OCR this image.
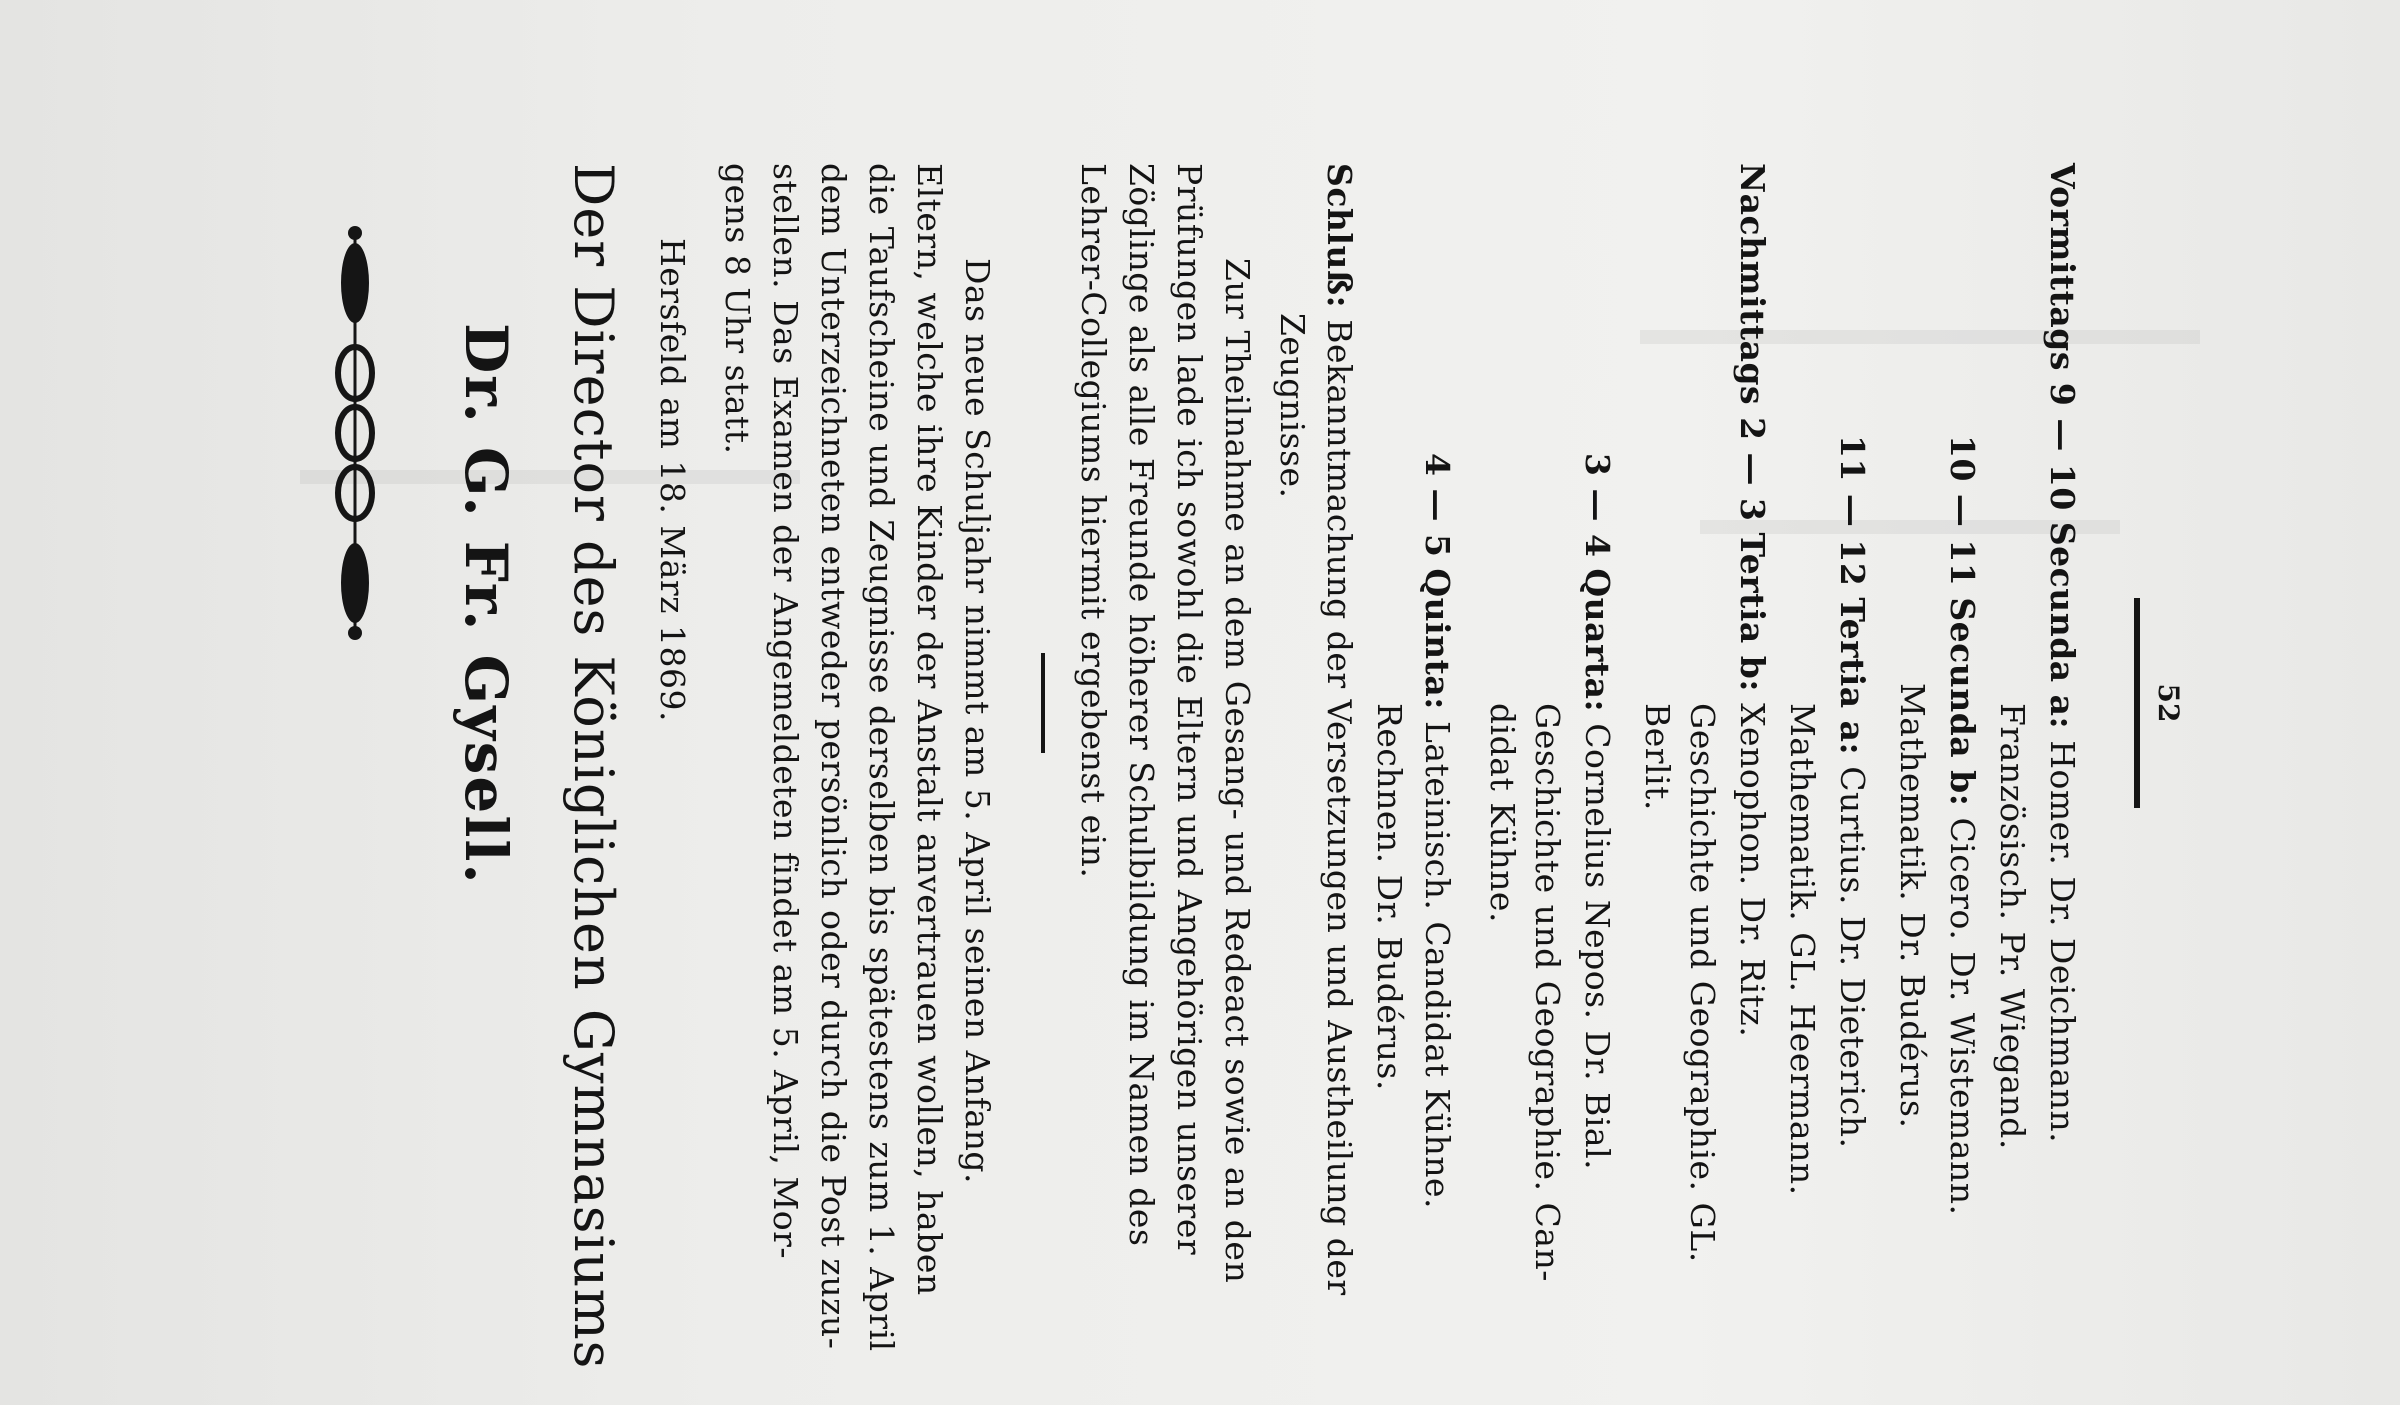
52
Vormittags 9 — 10 Secunda a: Homer. Dr. Deichmann.
Französisch. Pr. Wiegand.
10 — 11 Secunda b: Cicero. Dr. Wistemann.
Mathematik. Dr. Budérus.
11 — 12 Tertia a: Curtius. Dr. Dieterich.
Mathematik. GL. Heermann.
Nachmittags 2 — 3 Tertia b: Xenophon. Dr. Ritz.
Geschichte und Geographie. GL.
Berlit.
3 — 4 Quarta: Cornelius Nepos. Dr. Bial.
Geschichte und Geographie. Can-
didat Kühne.
4 — 5 Quinta: Lateinisch. Candidat Kühne.
Rechnen. Dr. Budérus.
Schluß: Bekanntmachung der Versetzungen und Austheilung der
Zeugnisse.
Zur Theilnahme an dem Gesang- und Redeact sowie an den
Prüfungen lade ich sowohl die Eltern und Angehörigen unserer
Zöglinge als alle Freunde höherer Schulbildung im Namen des
Lehrer-Collegiums hiermit ergebenst ein.
Das neue Schuljahr nimmt am 5. April seinen Anfang.
Eltern, welche ihre Kinder der Anstalt anvertrauen wollen, haben
die Taufscheine und Zeugnisse derselben bis spätestens zum 1. April
dem Unterzeichneten entweder persönlich oder durch die Post zuzu-
stellen. Das Examen der Angemeldeten findet am 5. April, Mor-
gens 8 Uhr statt.
Hersfeld am 18. März 1869.
Der Director des Königlichen Gymnasiums
Dr. G. Fr. Gysell.
